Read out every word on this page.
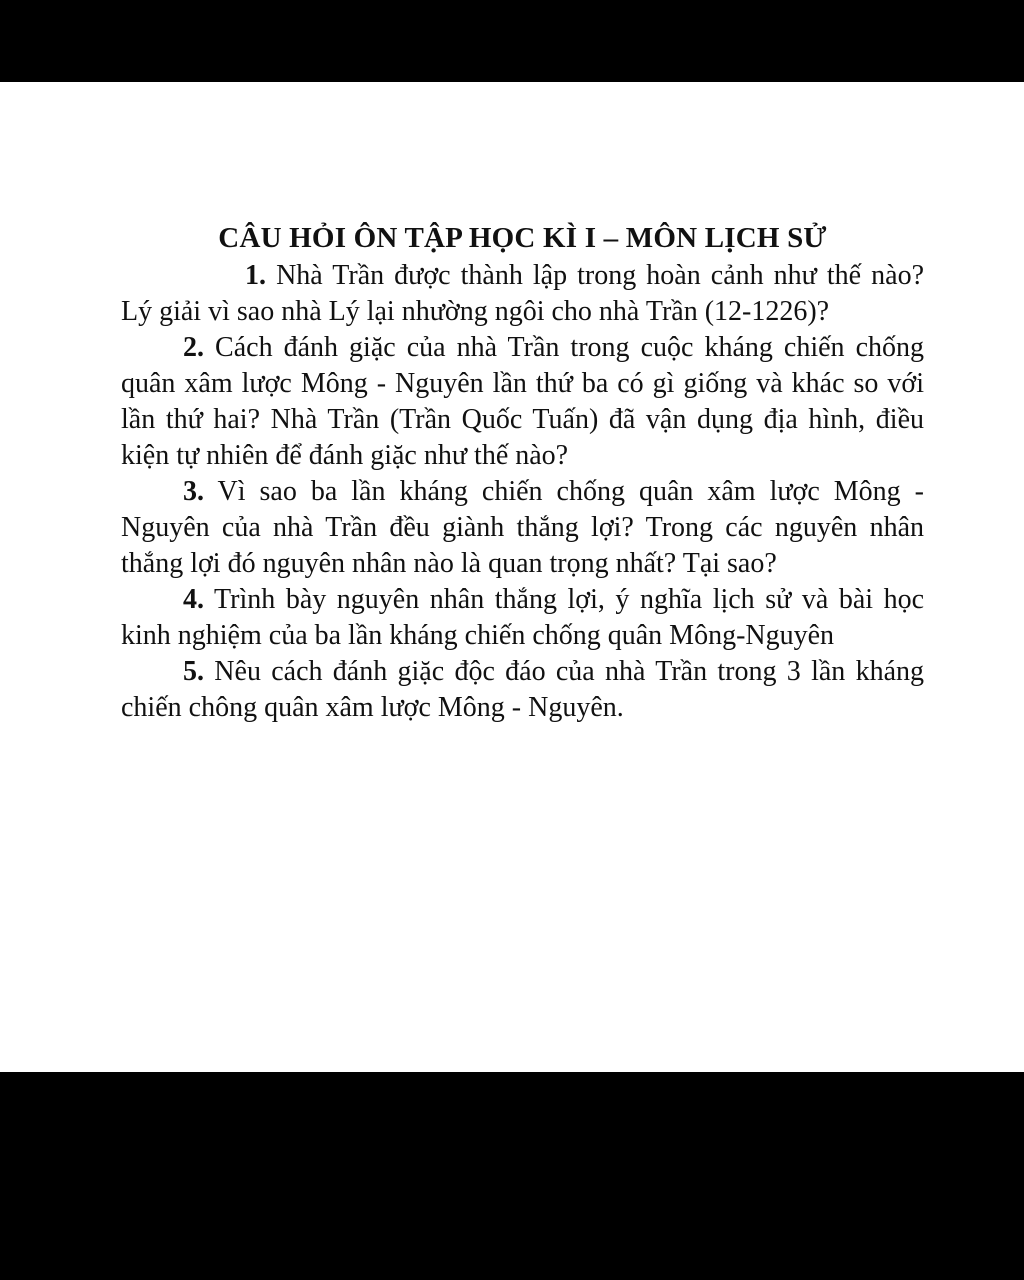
CÂU HỎI ÔN TẬP HỌC KÌ I – MÔN LỊCH SỬ

1. Nhà Trần được thành lập trong hoàn cảnh như thế nào? Lý giải vì sao nhà Lý lại nhường ngôi cho nhà Trần (12-1226)?

2. Cách đánh giặc của nhà Trần trong cuộc kháng chiến chống quân xâm lược Mông - Nguyên lần thứ ba có gì giống và khác so với lần thứ hai? Nhà Trần (Trần Quốc Tuấn) đã vận dụng địa hình, điều kiện tự nhiên để đánh giặc như thế nào?

3. Vì sao ba lần kháng chiến chống quân xâm lược Mông - Nguyên của nhà Trần đều giành thắng lợi? Trong các nguyên nhân thắng lợi đó nguyên nhân nào là quan trọng nhất? Tại sao?

4. Trình bày nguyên nhân thắng lợi, ý nghĩa lịch sử và bài học kinh nghiệm của ba lần kháng chiến chống quân Mông-Nguyên

5. Nêu cách đánh giặc độc đáo của nhà Trần trong 3 lần kháng chiến chông quân xâm lược Mông - Nguyên.
